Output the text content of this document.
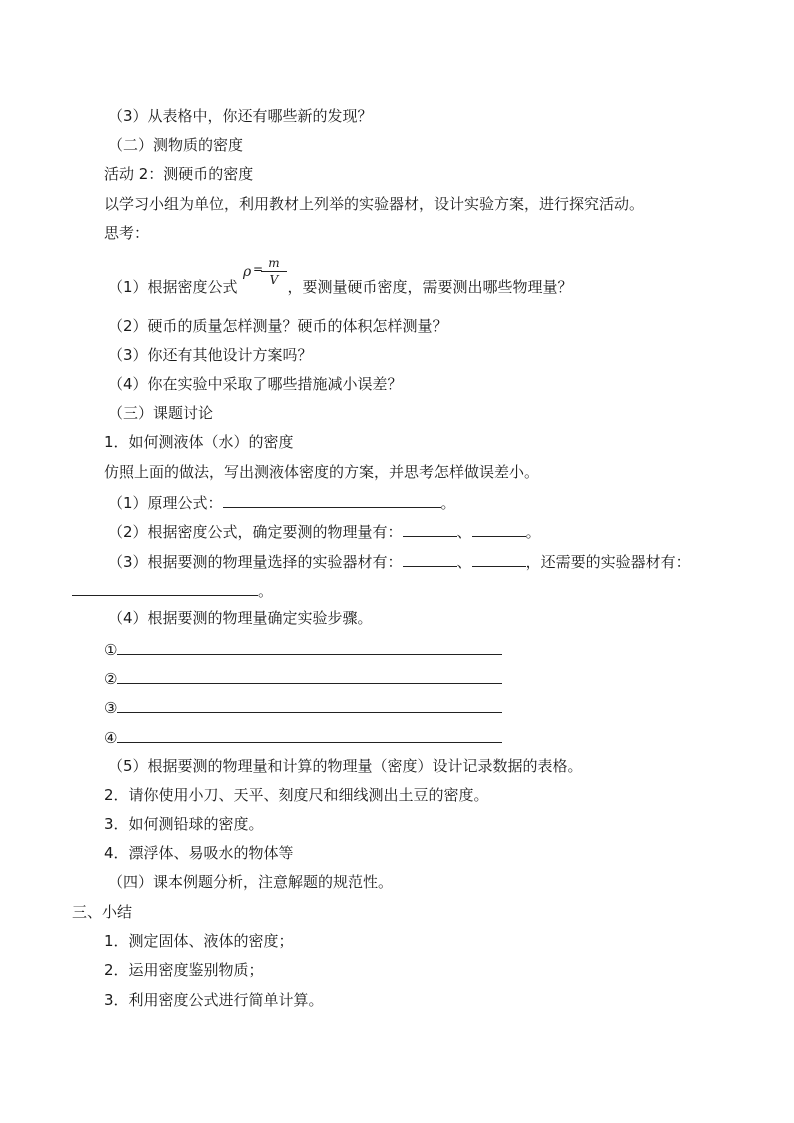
（3）从表格中，你还有哪些新的发现？
（二）测物质的密度
活动 2：测硬币的密度
以学习小组为单位，利用教材上列举的实验器材，设计实验方案，进行探究活动。
思考：
（1）根据密度公式	，要测量硬币密度，需要测出哪些物理量？
ρ = m
V
（2）硬币的质量怎样测量？硬币的体积怎样测量？
（3）你还有其他设计方案吗？
（4）你在实验中采取了哪些措施减小误差？
（三）课题讨论
1．如何测液体（水）的密度
仿照上面的做法，写出测液体密度的方案，并思考怎样做误差小。
（1）原理公式：	。
（2）根据密度公式，确定要测的物理量有：	、	。
（3）根据要测的物理量选择的实验器材有：	、	，还需要的实验器材有：
。
（4）根据要测的物理量确定实验步骤。
①
②
③
④
（5）根据要测的物理量和计算的物理量（密度）设计记录数据的表格。
2．请你使用小刀、天平、刻度尺和细线测出土豆的密度。
3．如何测铅球的密度。
4．漂浮体、易吸水的物体等
（四）课本例题分析，注意解题的规范性。
三、小结
1．测定固体、液体的密度；
2．运用密度鉴别物质；
3．利用密度公式进行简单计算。
